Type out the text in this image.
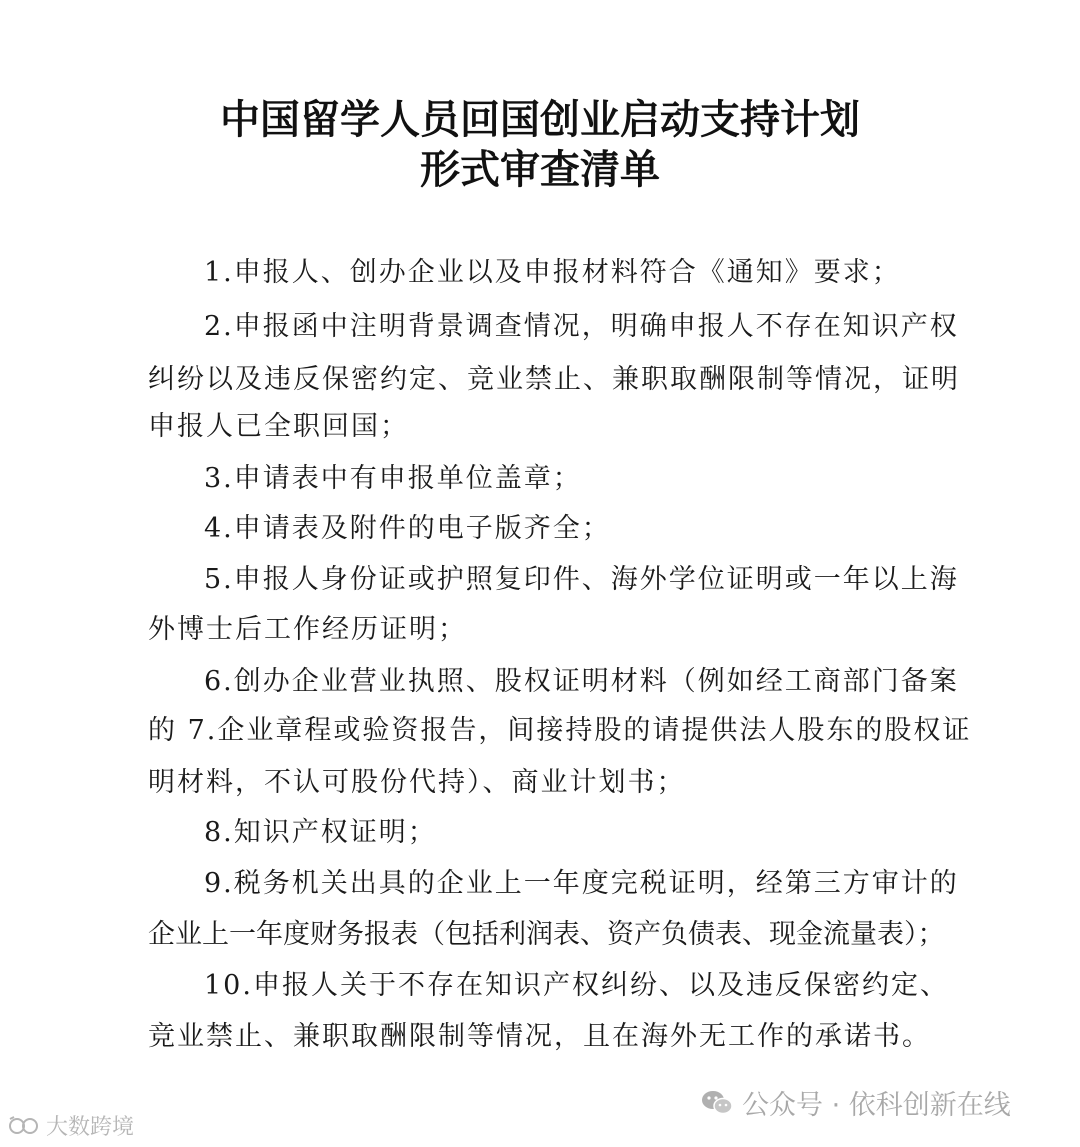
中国留学人员回国创业启动支持计划
形式审查清单
1.申报人、创办企业以及申报材料符合《通知》要求；
2.申报函中注明背景调查情况，明确申报人不存在知识产权
纠纷以及违反保密约定、竞业禁止、兼职取酬限制等情况，证明
申报人已全职回国；
3.申请表中有申报单位盖章；
4.申请表及附件的电子版齐全；
5.申报人身份证或护照复印件、海外学位证明或一年以上海
外博士后工作经历证明；
6.创办企业营业执照、股权证明材料（例如经工商部门备案
的 7.企业章程或验资报告，间接持股的请提供法人股东的股权证
明材料，不认可股份代持）、商业计划书；
8.知识产权证明；
9.税务机关出具的企业上一年度完税证明，经第三方审计的
企业上一年度财务报表（包括利润表、资产负债表、现金流量表）；
10.申报人关于不存在知识产权纠纷、以及违反保密约定、
竞业禁止、兼职取酬限制等情况，且在海外无工作的承诺书。
大数跨境
公众号 · 依科创新在线
